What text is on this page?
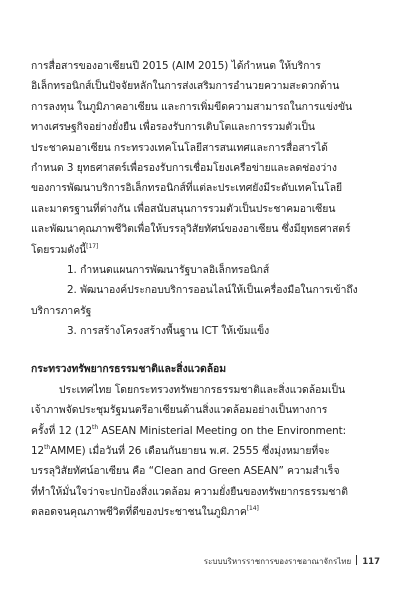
การสื่อสารของอาเซียนปี 2015 (AIM 2015) ได้กำหนด ให้บริการ
อิเล็กทรอนิกส์เป็นปัจจัยหลักในการส่งเสริมการอำนวยความสะดวกด้าน
การลงทุน ในภูมิภาคอาเซียน และการเพิ่มขีดความสามารถในการแข่งขัน
ทางเศรษฐกิจอย่างยั่งยืน เพื่อรองรับการเติบโตและการรวมตัวเป็น
ประชาคมอาเซียน กระทรวงเทคโนโลยีสารสนเทศและการสื่อสารได้
กำหนด 3 ยุทธศาสตร์เพื่อรองรับการเชื่อมโยงเครือข่ายและลดช่องว่าง
ของการพัฒนาบริการอิเล็กทรอนิกส์ที่แต่ละประเทศยังมีระดับเทคโนโลยี
และมาตรฐานที่ต่างกัน เพื่อสนับสนุนการรวมตัวเป็นประชาคมอาเซียน
และพัฒนาคุณภาพชีวิตเพื่อให้บรรลุวิสัยทัศน์ของอาเซียน ซึ่งมียุทธศาสตร์
โดยรวมดังนี้[17]
1. กำหนดแผนการพัฒนารัฐบาลอิเล็กทรอนิกส์
2. พัฒนาองค์ประกอบบริการออนไลน์ให้เป็นเครื่องมือในการเข้าถึง
บริการภาครัฐ
3. การสร้างโครงสร้างพื้นฐาน ICT ให้เข้มแข็ง
กระทรวงทรัพยากรธรรมชาติและสิ่งแวดล้อม
ประเทศไทย โดยกระทรวงทรัพยากรธรรมชาติและสิ่งแวดล้อมเป็น
เจ้าภาพจัดประชุมรัฐมนตรีอาเซียนด้านสิ่งแวดล้อมอย่างเป็นทางการ
ครั้งที่ 12 (12th ASEAN Ministerial Meeting on the Environment:
12thAMME) เมื่อวันที่ 26 เดือนกันยายน พ.ศ. 2555 ซึ่งมุ่งหมายที่จะ
บรรลุวิสัยทัศน์อาเซียน คือ “Clean and Green ASEAN” ความสำเร็จ
ที่ทำให้มั่นใจว่าจะปกป้องสิ่งแวดล้อม ความยั่งยืนของทรัพยากรธรรมชาติ
ตลอดจนคุณภาพชีวิตที่ดีของประชาชนในภูมิภาค[14]
ระบบบริหารราชการของราชอาณาจักรไทย 117
